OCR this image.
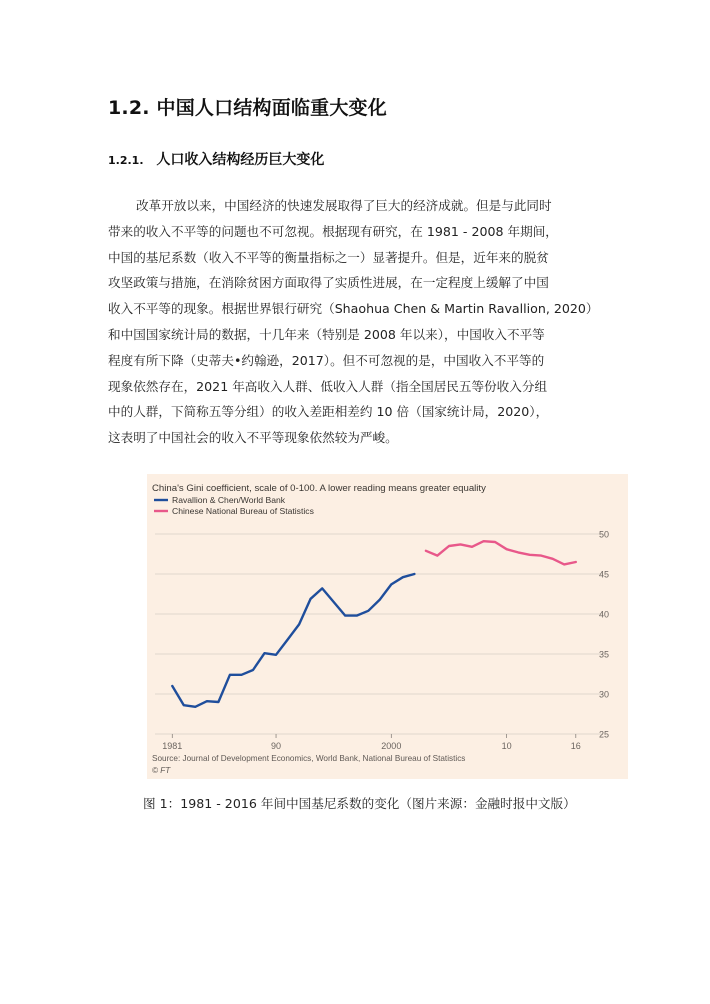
1.2. 中国人口结构面临重大变化
1.2.1. 人口收入结构经历巨大变化
改革开放以来，中国经济的快速发展取得了巨大的经济成就。但是与此同时
带来的收入不平等的问题也不可忽视。根据现有研究，在 1981 - 2008 年期间，
中国的基尼系数（收入不平等的衡量指标之一）显著提升。但是，近年来的脱贫
攻坚政策与措施，在消除贫困方面取得了实质性进展，在一定程度上缓解了中国
收入不平等的现象。根据世界银行研究（Shaohua Chen & Martin Ravallion, 2020）
和中国国家统计局的数据，十几年来（特别是 2008 年以来），中国收入不平等
程度有所下降（史蒂夫•约翰逊，2017）。但不可忽视的是，中国收入不平等的
现象依然存在，2021 年高收入人群、低收入人群（指全国居民五等份收入分组
中的人群，下简称五等分组）的收入差距相差约 10 倍（国家统计局，2020），
这表明了中国社会的收入不平等现象依然较为严峻。
China's Gini coefficient, scale of 0-100. A lower reading means greater equality
Ravallion & Chen/World Bank
Chinese National Bureau of Statistics
50
45
40
35
30
25
1981	90	2000	10	16
Source: Journal of Development Economics, World Bank, National Bureau of Statistics
© FT
图 1：1981 - 2016 年间中国基尼系数的变化（图片来源：金融时报中文版）
